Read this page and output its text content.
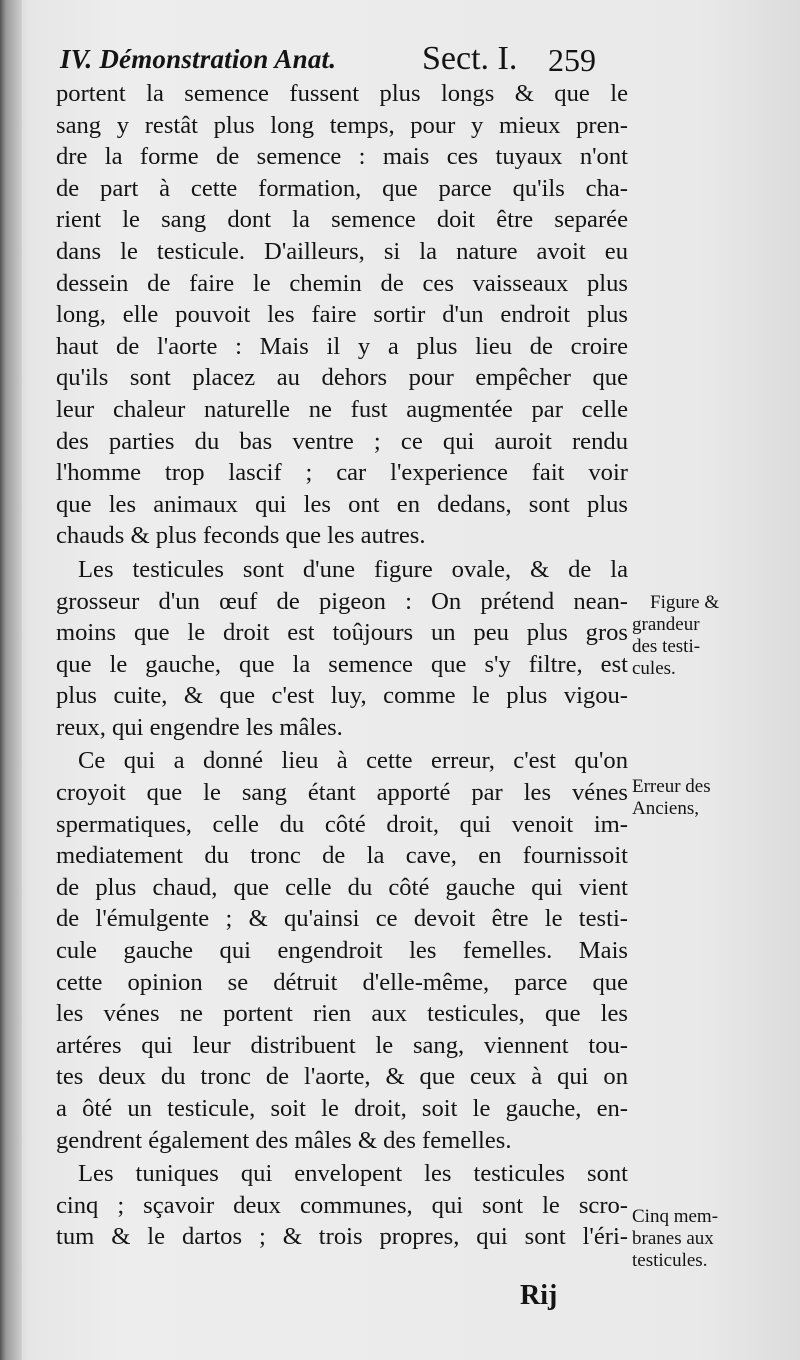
IV. Démonstration Anat.	Sect. I. 259
portent la semence fussent plus longs & que le
sang y restât plus long temps, pour y mieux pren-
dre la forme de semence : mais ces tuyaux n'ont
de part à cette formation, que parce qu'ils cha-
rient le sang dont la semence doit être separée
dans le testicule. D'ailleurs, si la nature avoit eu
dessein de faire le chemin de ces vaisseaux plus
long, elle pouvoit les faire sortir d'un endroit plus
haut de l'aorte : Mais il y a plus lieu de croire
qu'ils sont placez au dehors pour empêcher que
leur chaleur naturelle ne fust augmentée par celle
des parties du bas ventre ; ce qui auroit rendu
l'homme trop lascif ; car l'experience fait voir
que les animaux qui les ont en dedans, sont plus
chauds & plus feconds que les autres.
Les testicules sont d'une figure ovale, & de la
grosseur d'un œuf de pigeon : On prétend nean-
moins que le droit est toûjours un peu plus gros
que le gauche, que la semence que s'y filtre, est
plus cuite, & que c'est luy, comme le plus vigou-
reux, qui engendre les mâles.
Ce qui a donné lieu à cette erreur, c'est qu'on
croyoit que le sang étant apporté par les vénes
spermatiques, celle du côté droit, qui venoit im-
mediatement du tronc de la cave, en fournissoit
de plus chaud, que celle du côté gauche qui vient
de l'émulgente ; & qu'ainsi ce devoit être le testi-
cule gauche qui engendroit les femelles. Mais
cette opinion se détruit d'elle-même, parce que
les vénes ne portent rien aux testicules, que les
artéres qui leur distribuent le sang, viennent tou-
tes deux du tronc de l'aorte, & que ceux à qui on
a ôté un testicule, soit le droit, soit le gauche, en-
gendrent également des mâles & des femelles.
Les tuniques qui envelopent les testicules sont
cinq ; sçavoir deux communes, qui sont le scro-
tum & le dartos ; & trois propres, qui sont l'éri-
Figure &
grandeur
des testi-
cules.
Erreur des
Anciens,
Cinq mem-
branes aux
testicules.
Rij
